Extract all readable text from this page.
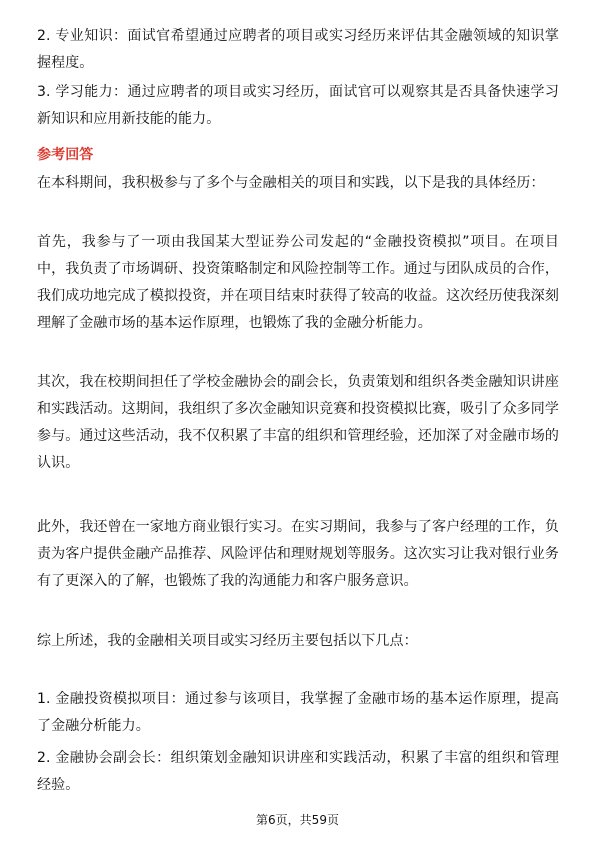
2. 专业知识：面试官希望通过应聘者的项目或实习经历来评估其金融领域的知识掌握程度。

3. 学习能力：通过应聘者的项目或实习经历，面试官可以观察其是否具备快速学习新知识和应用新技能的能力。

参考回答

在本科期间，我积极参与了多个与金融相关的项目和实践，以下是我的具体经历：

首先，我参与了一项由我国某大型证券公司发起的“金融投资模拟”项目。在项目中，我负责了市场调研、投资策略制定和风险控制等工作。通过与团队成员的合作，我们成功地完成了模拟投资，并在项目结束时获得了较高的收益。这次经历使我深刻理解了金融市场的基本运作原理，也锻炼了我的金融分析能力。

其次，我在校期间担任了学校金融协会的副会长，负责策划和组织各类金融知识讲座和实践活动。这期间，我组织了多次金融知识竞赛和投资模拟比赛，吸引了众多同学参与。通过这些活动，我不仅积累了丰富的组织和管理经验，还加深了对金融市场的认识。

此外，我还曾在一家地方商业银行实习。在实习期间，我参与了客户经理的工作，负责为客户提供金融产品推荐、风险评估和理财规划等服务。这次实习让我对银行业务有了更深入的了解，也锻炼了我的沟通能力和客户服务意识。

综上所述，我的金融相关项目或实习经历主要包括以下几点：

1. 金融投资模拟项目：通过参与该项目，我掌握了金融市场的基本运作原理，提高了金融分析能力。

2. 金融协会副会长：组织策划金融知识讲座和实践活动，积累了丰富的组织和管理经验。

第6页，共59页
